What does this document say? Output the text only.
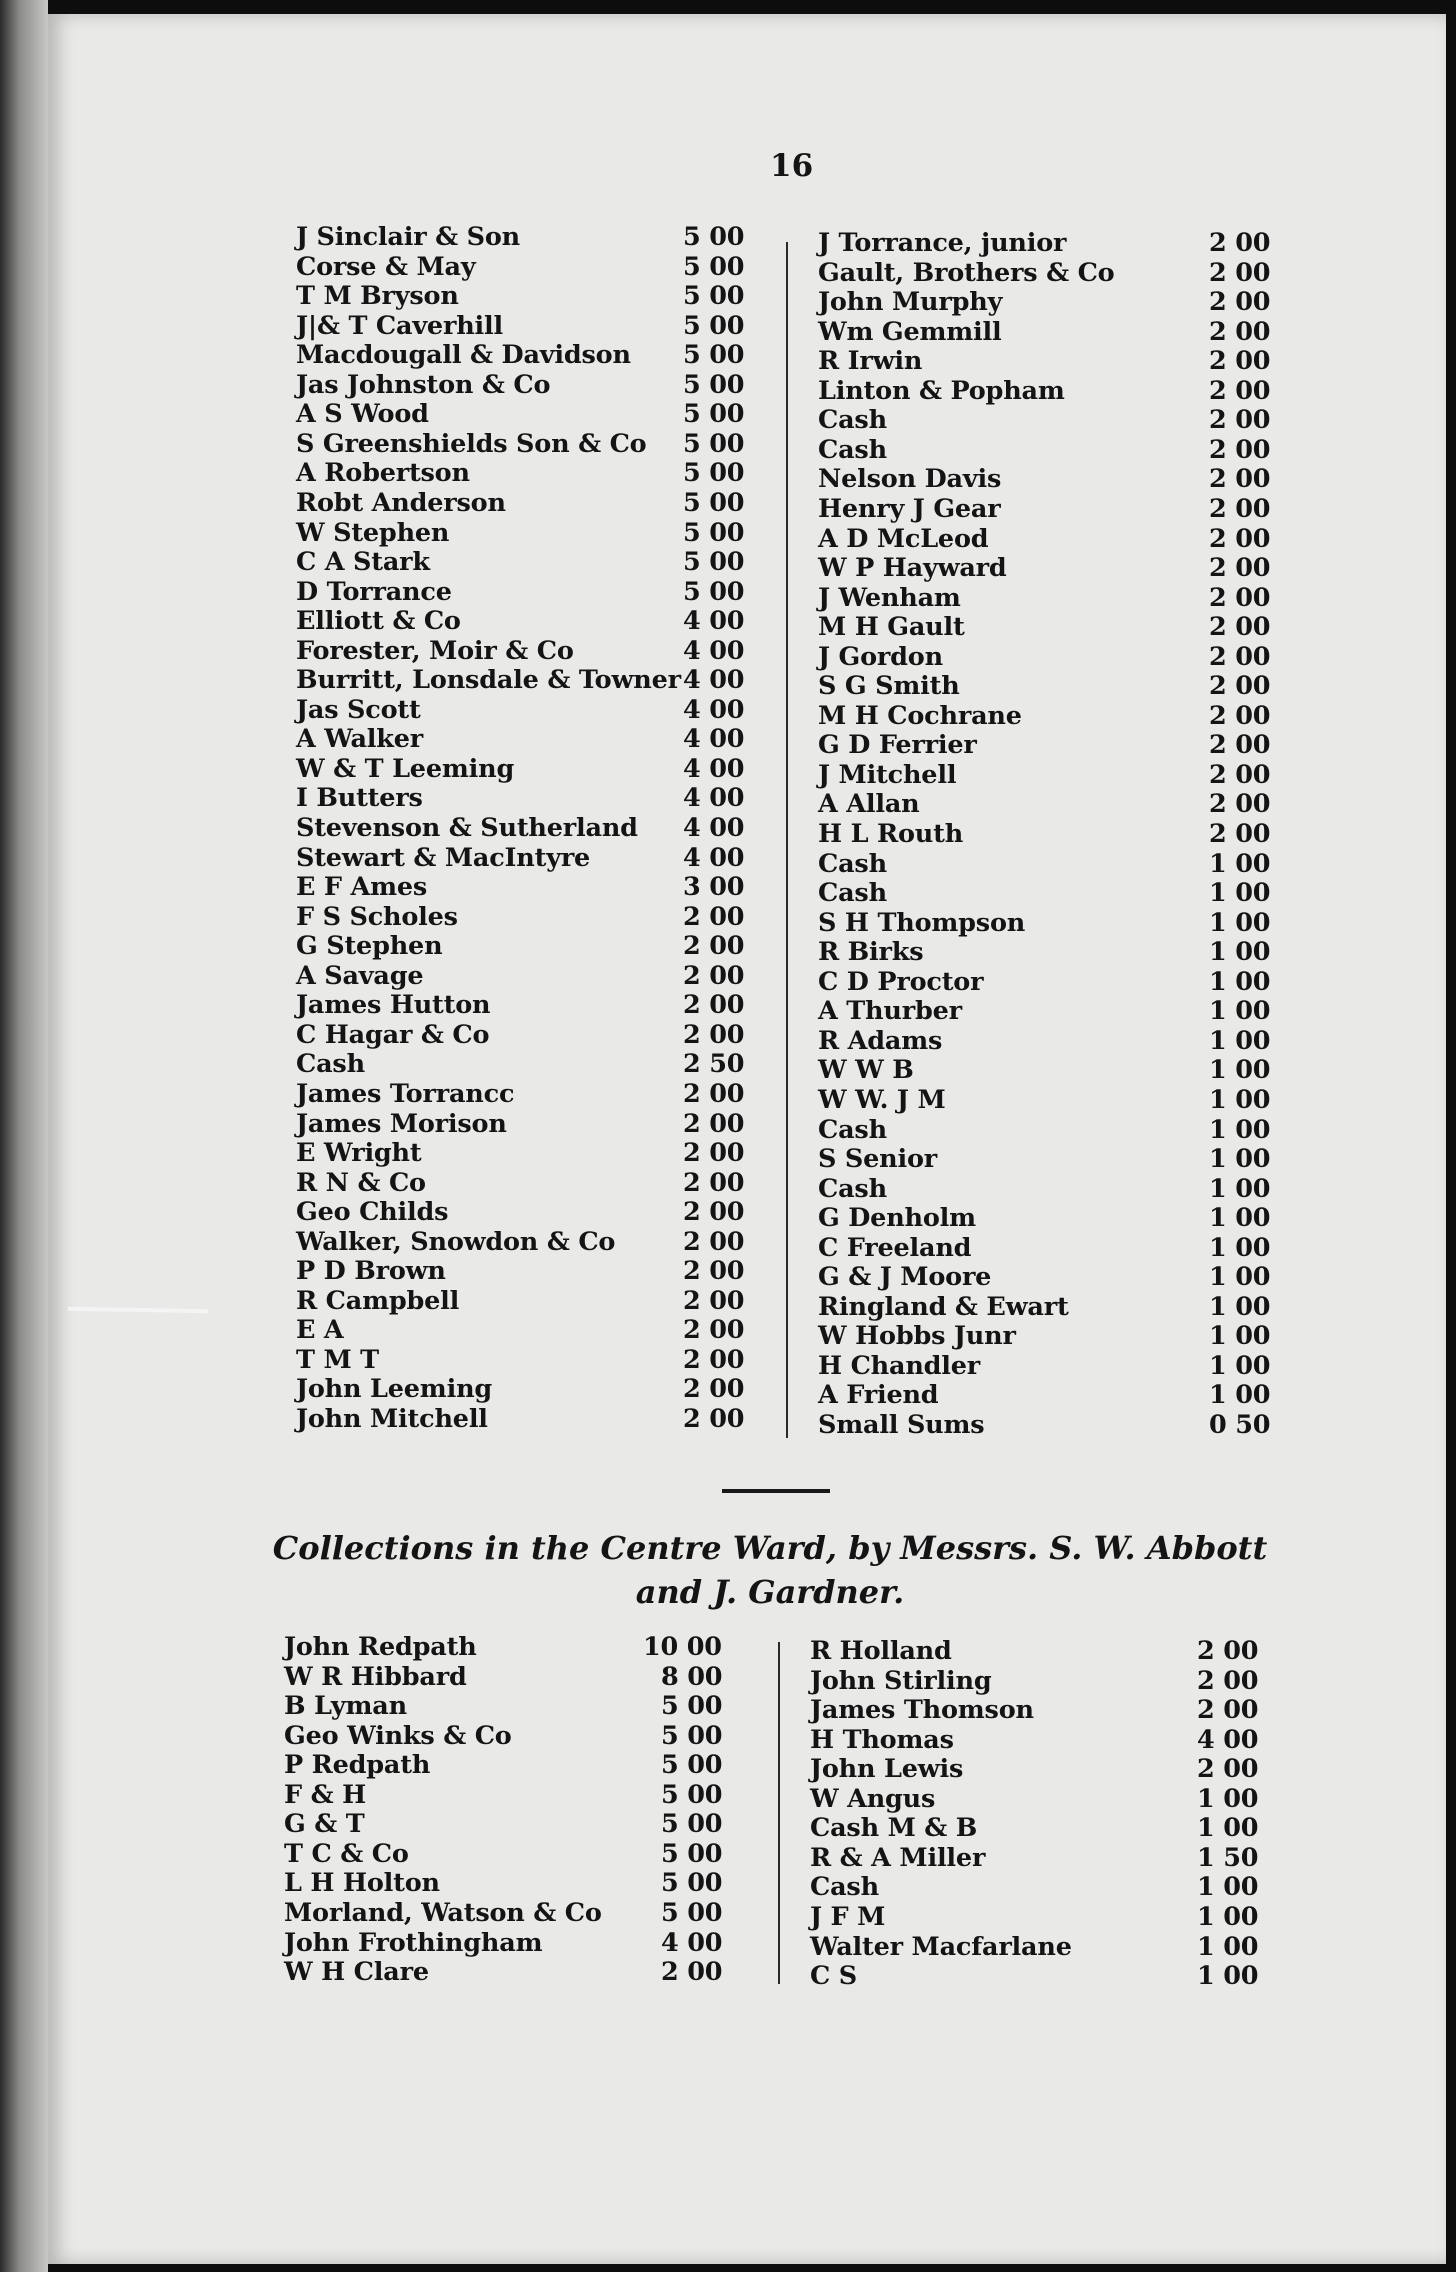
16
J Sinclair & Son	5 00
Corse & May	5 00
T M Bryson	5 00
J|& T Caverhill	5 00
Macdougall & Davidson 5 00
Jas Johnston & Co	5 00
A S Wood	5 00
S Greenshields Son & Co 5 00
A Robertson	5 00
Robt Anderson	5 00
W Stephen	5 00
C A Stark	5 00
D Torrance	5 00
Elliott & Co	4 00
Forester, Moir & Co	4 00
Burritt, Lonsdale & Towner 4 00
Jas Scott	4 00
A Walker	4 00
W & T Leeming	4 00
I Butters	4 00
Stevenson & Sutherland 4 00
Stewart & MacIntyre	4 00
E F Ames	3 00
F S Scholes	2 00
G Stephen	2 00
A Savage	2 00
James Hutton	2 00
C Hagar & Co	2 00
Cash	2 50
James Torrancc	2 00
James Morison	2 00
E Wright	2 00
R N & Co	2 00
Geo Childs	2 00
Walker, Snowdon & Co	2 00
P D Brown	2 00
R Campbell	2 00
E A	2 00
T M T	2 00
John Leeming	2 00
John Mitchell	2 00
J Torrance, junior	2 00
Gault, Brothers & Co	2 00
John Murphy	2 00
Wm Gemmill	2 00
R Irwin	2 00
Linton & Popham	2 00
Cash	2 00
Cash	2 00
Nelson Davis	2 00
Henry J Gear	2 00
A D McLeod	2 00
W P Hayward	2 00
J Wenham	2 00
M H Gault	2 00
J Gordon	2 00
S G Smith	2 00
M H Cochrane	2 00
G D Ferrier	2 00
J Mitchell	2 00
A Allan	2 00
H L Routh	2 00
Cash	1 00
Cash	1 00
S H Thompson	1 00
R Birks	1 00
C D Proctor	1 00
A Thurber	1 00
R Adams	1 00
W W B	1 00
W W. J M	1 00
Cash	1 00
S Senior	1 00
Cash	1 00
G Denholm	1 00
C Freeland	1 00
G & J Moore	1 00
Ringland & Ewart	1 00
W Hobbs Junr	1 00
H Chandler	1 00
A Friend	1 00
Small Sums	0 50
Collections in the Centre Ward, by Messrs. S. W. Abbott
and J. Gardner.
John Redpath	10 00
W R Hibbard	8 00
B Lyman	5 00
Geo Winks & Co	5 00
P Redpath	5 00
F & H	5 00
G & T	5 00
T C & Co	5 00
L H Holton	5 00
Morland, Watson & Co 5 00
John Frothingham	4 00
W H Clare	2 00
R Holland	2 00
John Stirling	2 00
James Thomson	2 00
H Thomas	4 00
John Lewis	2 00
W Angus	1 00
Cash M & B	1 00
R & A Miller	1 50
Cash	1 00
J F M	1 00
Walter Macfarlane	1 00
C S	1 00
